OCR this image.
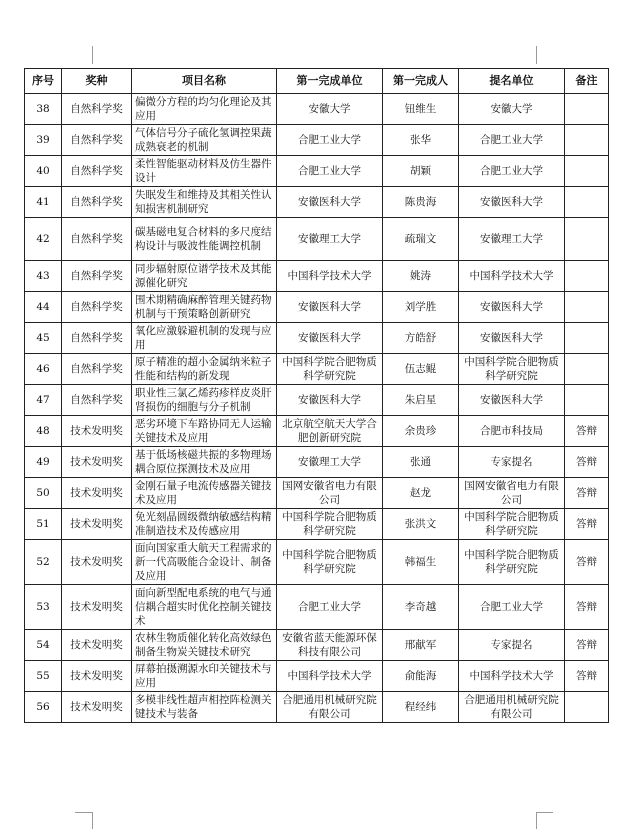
序号	奖种	项目名称	第一完成单位	第一完成人	提名单位	备注
38	自然科学奖	偏微分方程的均匀化理论及其应用	安徽大学	钮维生	安徽大学	
39	自然科学奖	气体信号分子硫化氢调控果蔬成熟衰老的机制	合肥工业大学	张华	合肥工业大学	
40	自然科学奖	柔性智能驱动材料及仿生器件设计	合肥工业大学	胡颖	合肥工业大学	
41	自然科学奖	失眠发生和维持及其相关性认知损害机制研究	安徽医科大学	陈贵海	安徽医科大学	
42	自然科学奖	碳基磁电复合材料的多尺度结构设计与吸波性能调控机制	安徽理工大学	疏瑞文	安徽理工大学	
43	自然科学奖	同步辐射原位谱学技术及其能源催化研究	中国科学技术大学	姚涛	中国科学技术大学	
44	自然科学奖	围术期精确麻醉管理关键药物机制与干预策略创新研究	安徽医科大学	刘学胜	安徽医科大学	
45	自然科学奖	氧化应激躲避机制的发现与应用	安徽医科大学	方皓舒	安徽医科大学	
46	自然科学奖	原子精准的超小金属纳米粒子性能和结构的新发现	中国科学院合肥物质科学研究院	伍志鲲	中国科学院合肥物质科学研究院	
47	自然科学奖	职业性三氯乙烯药疹样皮炎肝肾损伤的细胞与分子机制	安徽医科大学	朱启星	安徽医科大学	
48	技术发明奖	恶劣环境下车路协同无人运输关键技术及应用	北京航空航天大学合肥创新研究院	余贵珍	合肥市科技局	答辩
49	技术发明奖	基于低场核磁共振的多物理场耦合原位探测技术及应用	安徽理工大学	张通	专家提名	答辩
50	技术发明奖	金刚石量子电流传感器关键技术及应用	国网安徽省电力有限公司	赵龙	国网安徽省电力有限公司	答辩
51	技术发明奖	免光刻晶圆级微纳敏感结构精准制造技术及传感应用	中国科学院合肥物质科学研究院	张洪文	中国科学院合肥物质科学研究院	答辩
52	技术发明奖	面向国家重大航天工程需求的新一代高吸能合金设计、制备及应用	中国科学院合肥物质科学研究院	韩福生	中国科学院合肥物质科学研究院	答辩
53	技术发明奖	面向新型配电系统的电气与通信耦合超实时优化控制关键技术	合肥工业大学	李奇越	合肥工业大学	答辩
54	技术发明奖	农林生物质催化转化高效绿色制备生物炭关键技术研究	安徽省蓝天能源环保科技有限公司	邢献军	专家提名	答辩
55	技术发明奖	屏幕拍摄溯源水印关键技术与应用	中国科学技术大学	俞能海	中国科学技术大学	答辩
56	技术发明奖	多模非线性超声相控阵检测关键技术与装备	合肥通用机械研究院有限公司	程经纬	合肥通用机械研究院有限公司	
